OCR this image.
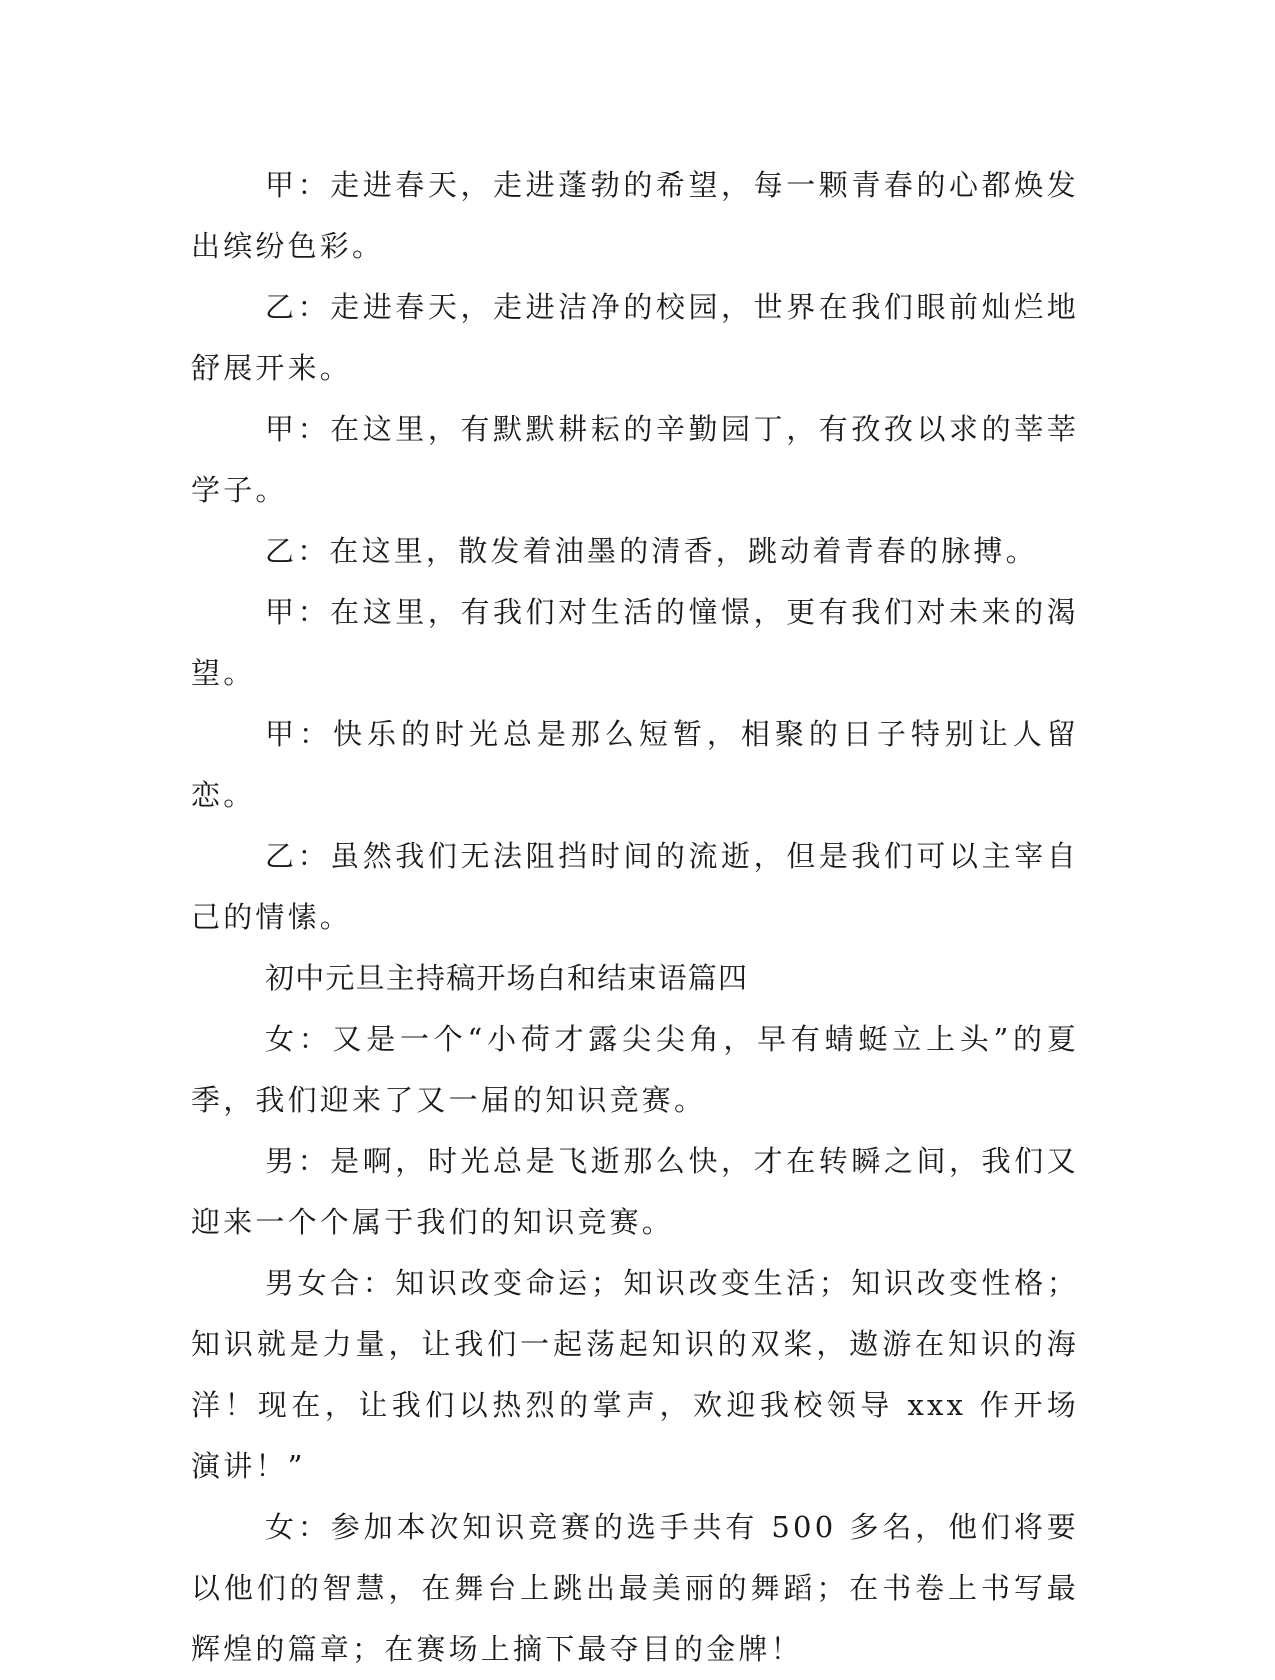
甲：走进春天，走进蓬勃的希望，每一颗青春的心都焕发出缤纷色彩。

乙：走进春天，走进洁净的校园，世界在我们眼前灿烂地舒展开来。

甲：在这里，有默默耕耘的辛勤园丁，有孜孜以求的莘莘学子。

乙：在这里，散发着油墨的清香，跳动着青春的脉搏。

甲：在这里，有我们对生活的憧憬，更有我们对未来的渴望。

甲：快乐的时光总是那么短暂，相聚的日子特别让人留恋。

乙：虽然我们无法阻挡时间的流逝，但是我们可以主宰自己的情愫。

初中元旦主持稿开场白和结束语篇四

女：又是一个“小荷才露尖尖角，早有蜻蜓立上头”的夏季，我们迎来了又一届的知识竞赛。

男：是啊，时光总是飞逝那么快，才在转瞬之间，我们又迎来一个个属于我们的知识竞赛。

男女合：知识改变命运；知识改变生活；知识改变性格；知识就是力量，让我们一起荡起知识的双桨，遨游在知识的海洋！现在，让我们以热烈的掌声，欢迎我校领导 xxx 作开场演讲！”

女：参加本次知识竞赛的选手共有 500 多名，他们将要以他们的智慧，在舞台上跳出最美丽的舞蹈；在书卷上书写最辉煌的篇章；在赛场上摘下最夺目的金牌！
